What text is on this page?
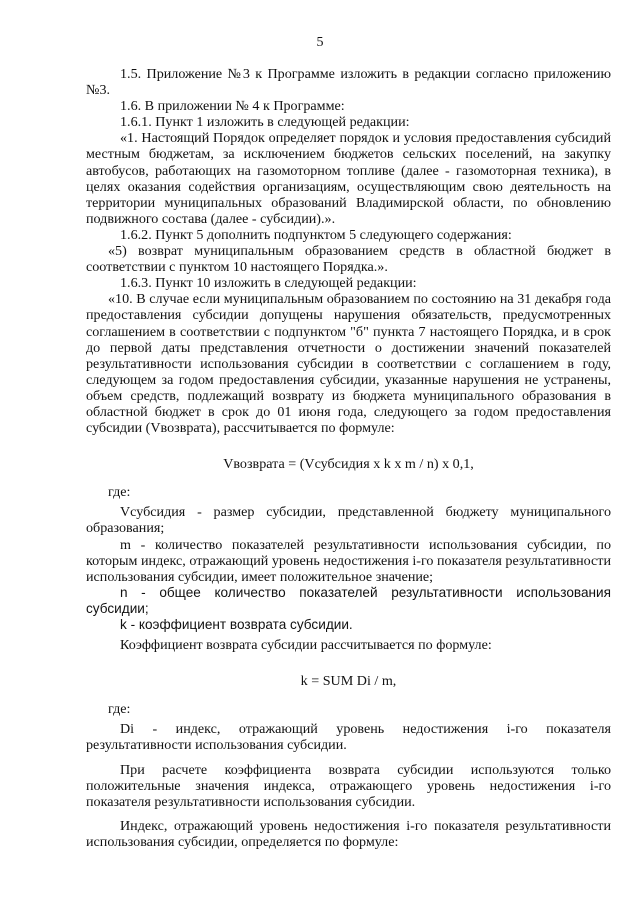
5

1.5. Приложение №3 к Программе изложить в редакции согласно приложению №3.

1.6. В приложении № 4 к Программе:

1.6.1. Пункт 1 изложить в следующей редакции:

«1. Настоящий Порядок определяет порядок и условия предоставления субсидий местным бюджетам, за исключением бюджетов сельских поселений, на закупку автобусов, работающих на газомоторном топливе (далее - газомоторная техника), в целях оказания содействия организациям, осуществляющим свою деятельность на территории муниципальных образований Владимирской области, по обновлению подвижного состава (далее - субсидии).».

1.6.2. Пункт 5 дополнить подпунктом 5 следующего содержания:

«5) возврат муниципальным образованием средств в областной бюджет в соответствии с пунктом 10 настоящего Порядка.».

1.6.3. Пункт 10 изложить в следующей редакции:

«10. В случае если муниципальным образованием по состоянию на 31 декабря года предоставления субсидии допущены нарушения обязательств, предусмотренных соглашением в соответствии с подпунктом "б" пункта 7 настоящего Порядка, и в срок до первой даты представления отчетности о достижении значений показателей результативности использования субсидии в соответствии с соглашением в году, следующем за годом предоставления субсидии, указанные нарушения не устранены, объем средств, подлежащий возврату из бюджета муниципального образования в областной бюджет в срок до 01 июня года, следующего за годом предоставления субсидии (Vвозврата), рассчитывается по формуле:

Vвозврата = (Vсубсидия x k x m / n) x 0,1,

где:

Vсубсидия - размер субсидии, представленной бюджету муниципального образования;

m - количество показателей результативности использования субсидии, по которым индекс, отражающий уровень недостижения i-го показателя результативности использования субсидии, имеет положительное значение;

n - общее количество показателей результативности использования субсидии;

k - коэффициент возврата субсидии.

Коэффициент возврата субсидии рассчитывается по формуле:

k = SUM Di / m,

где:

Di - индекс, отражающий уровень недостижения i-го показателя результативности использования субсидии.

При расчете коэффициента возврата субсидии используются только положительные значения индекса, отражающего уровень недостижения i-го показателя результативности использования субсидии.

Индекс, отражающий уровень недостижения i-го показателя результативности использования субсидии, определяется по формуле:
